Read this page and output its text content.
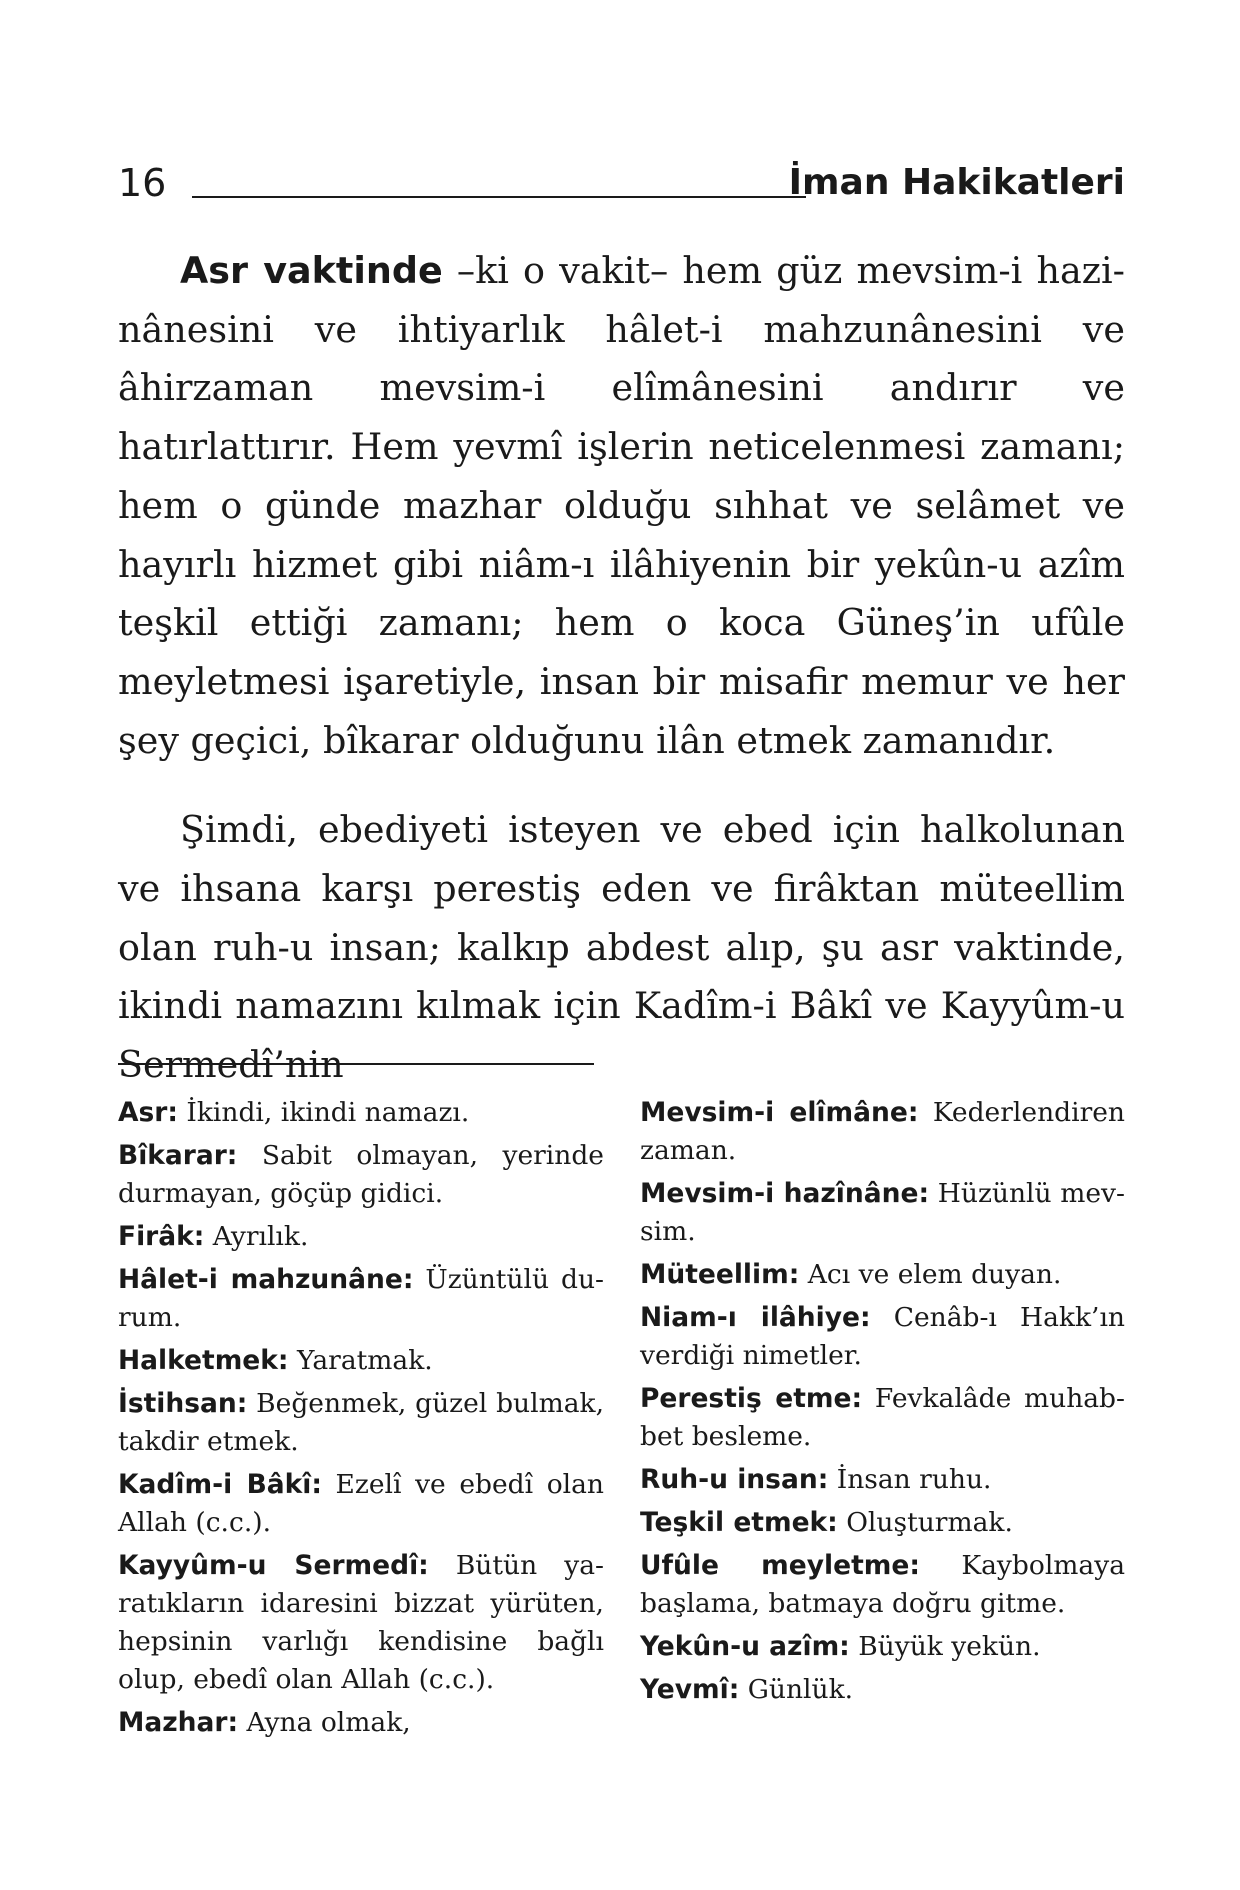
16	İman Hakikatleri

Asr vaktinde –ki o vakit– hem güz mevsim-i hazinânesini ve ihtiyarlık hâlet-i mahzunânesini ve âhirzaman mevsim-i elîmânesini andırır ve hatırlattırır. Hem yevmî işlerin neticelenmesi zamanı; hem o günde mazhar olduğu sıhhat ve selâmet ve hayırlı hizmet gibi niâm-ı ilâhiyenin bir yekûn-u azîm teşkil ettiği zamanı; hem o koca Güneş’in ufûle meyletmesi işaretiyle, insan bir misafir memur ve her şey geçici, bîkarar olduğunu ilân etmek zamanıdır.

Şimdi, ebediyeti isteyen ve ebed için halkolunan ve ihsana karşı perestiş eden ve firâktan müteellim olan ruh-u insan; kalkıp abdest alıp, şu asr vaktinde, ikindi namazını kılmak için Kadîm-i Bâkî ve Kayyûm-u Sermedî’nin

Asr: İkindi, ikindi namazı.

Bîkarar: Sabit olmayan, yerinde durmayan, göçüp gidici.

Firâk: Ayrılık.

Hâlet-i mahzunâne: Üzüntülü durum.

Halketmek: Yaratmak.

İstihsan: Beğenmek, güzel bulmak, takdir etmek.

Kadîm-i Bâkî: Ezelî ve ebedî olan Allah (c.c.).

Kayyûm-u Sermedî: Bütün yaratıkların idaresini bizzat yürüten, hepsinin varlığı kendisine bağlı olup, ebedî olan Allah (c.c.).

Mazhar: Ayna olmak,

Mevsim-i elîmâne: Kederlendiren zaman.

Mevsim-i hazînâne: Hüzünlü mevsim.

Müteellim: Acı ve elem duyan.

Niam-ı ilâhiye: Cenâb-ı Hakk’ın verdiği nimetler.

Perestiş etme: Fevkalâde muhabbet besleme.

Ruh-u insan: İnsan ruhu.

Teşkil etmek: Oluşturmak.

Ufûle meyletme: Kaybolmaya başlama, batmaya doğru gitme.

Yekûn-u azîm: Büyük yekün.

Yevmî: Günlük.
